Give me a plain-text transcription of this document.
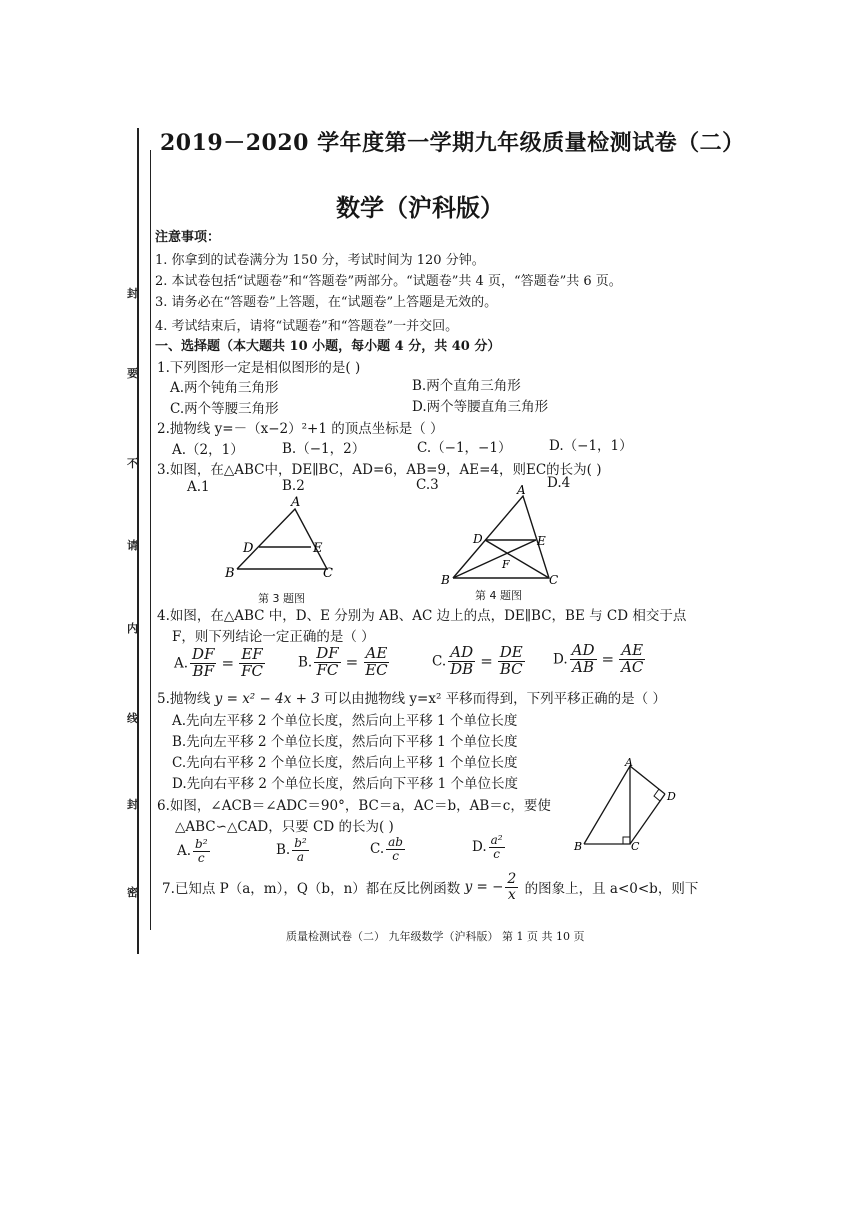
封
要
不
请
内
线
封
密
2019－2020 学年度第一学期九年级质量检测试卷（二）
数学（沪科版）
注意事项：
1. 你拿到的试卷满分为 150 分，考试时间为 120 分钟。
2. 本试卷包括“试题卷”和“答题卷”两部分。“试题卷”共 4 页，“答题卷”共 6 页。
3. 请务必在“答题卷”上答题，在“试题卷”上答题是无效的。
4. 考试结束后，请将“试题卷”和“答题卷”一并交回。
一、选择题（本大题共 10 小题，每小题 4 分，共 40 分）
1.下列图形一定是相似图形的是( )
A.两个钝角三角形	B.两个直角三角形
C.两个等腰三角形	D.两个等腰直角三角形
2.抛物线 y=－（x−2）²+1 的顶点坐标是（ ）
A.（2，1）	B.（−1，2）	C.（−1，−1）	D.（−1，1）
3.如图，在△ABC中，DE∥BC，AD=6，AB=9，AE=4，则EC的长为( )
A.1	B.2	C.3	D.4
A
D	E
B	C
第 3 题图
A
D	E
F
B	C
第 4 题图
4.如图，在△ABC 中，D、E 分别为 AB、AC 边上的点，DE∥BC，BE 与 CD 相交于点
F，则下列结论一定正确的是（ ）
A. $\frac{DF}{BF} = \frac{EF}{FC} B$. $\frac{DF}{FC} = \frac{AE}{EC}$	C. $\frac{AD}{DB} = \frac{DE}{BC} D$. $\frac{AD}{AB} = \frac{AE}{AC}$
5.抛物线 y = x² − 4x + 3 可以由抛物线 y=x² 平移而得到，下列平移正确的是（ ）
A.先向左平移 2 个单位长度，然后向上平移 1 个单位长度
B.先向左平移 2 个单位长度，然后向下平移 1 个单位长度
C.先向右平移 2 个单位长度，然后向上平移 1 个单位长度
D.先向右平移 2 个单位长度，然后向下平移 1 个单位长度
A
D
B	C
6.如图，∠ACB＝∠ADC＝90°，BC＝a，AC＝b，AB＝c，要使
△ABC∽△CAD，只要 CD 的长为( )
A. $\frac{\text{b²}}{c}$	B. $\frac{\text{b²}}{a}$	C. $\frac{ab}{c}$	D. $\frac{\text{a²}}{c}$
7.已知点 P（a，m），Q（b，n）都在反比例函数 y = − $\frac{2}{x}$ 的图象上，且 a<0<b，则下
质量检测试卷（二） 九年级数学（沪科版） 第 1 页 共 10 页
